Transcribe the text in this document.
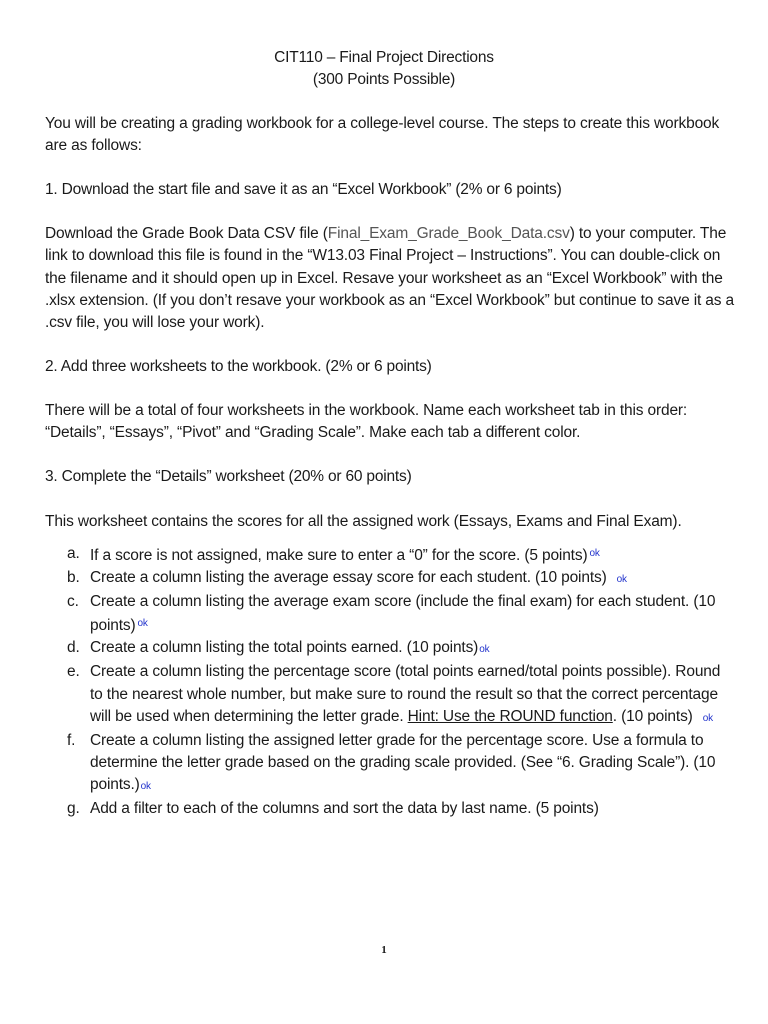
CIT110 – Final Project Directions
(300 Points Possible)

You will be creating a grading workbook for a college-level course. The steps to create this workbook are as follows:

1. Download the start file and save it as an “Excel Workbook” (2% or 6 points)

Download the Grade Book Data CSV file (Final_Exam_Grade_Book_Data.csv) to your computer. The link to download this file is found in the “W13.03 Final Project – Instructions”. You can double-click on the filename and it should open up in Excel. Resave your worksheet as an “Excel Workbook” with the .xlsx extension. (If you don’t resave your workbook as an “Excel Workbook” but continue to save it as a .csv file, you will lose your work).

2. Add three worksheets to the workbook. (2% or 6 points)

There will be a total of four worksheets in the workbook. Name each worksheet tab in this order: “Details”, “Essays”, “Pivot” and “Grading Scale”. Make each tab a different color.

3. Complete the “Details” worksheet (20% or 60 points)

This worksheet contains the scores for all the assigned work (Essays, Exams and Final Exam).

a. If a score is not assigned, make sure to enter a “0” for the score. (5 points) $^{ok}$
b. Create a column listing the average essay score for each student. (10 points) ok
c. Create a column listing the average exam score (include the final exam) for each student. (10 points) $^{ok}$
d. Create a column listing the total points earned. (10 points)ok
e. Create a column listing the percentage score (total points earned/total points possible). Round to the nearest whole number, but make sure to round the result so that the correct percentage will be used when determining the letter grade. Hint: Use the ROUND function. (10 points) ok
f. Create a column listing the assigned letter grade for the percentage score. Use a formula to determine the letter grade based on the grading scale provided. (See “6. Grading Scale”). (10 points.)ok
g. Add a filter to each of the columns and sort the data by last name. (5 points)
1
